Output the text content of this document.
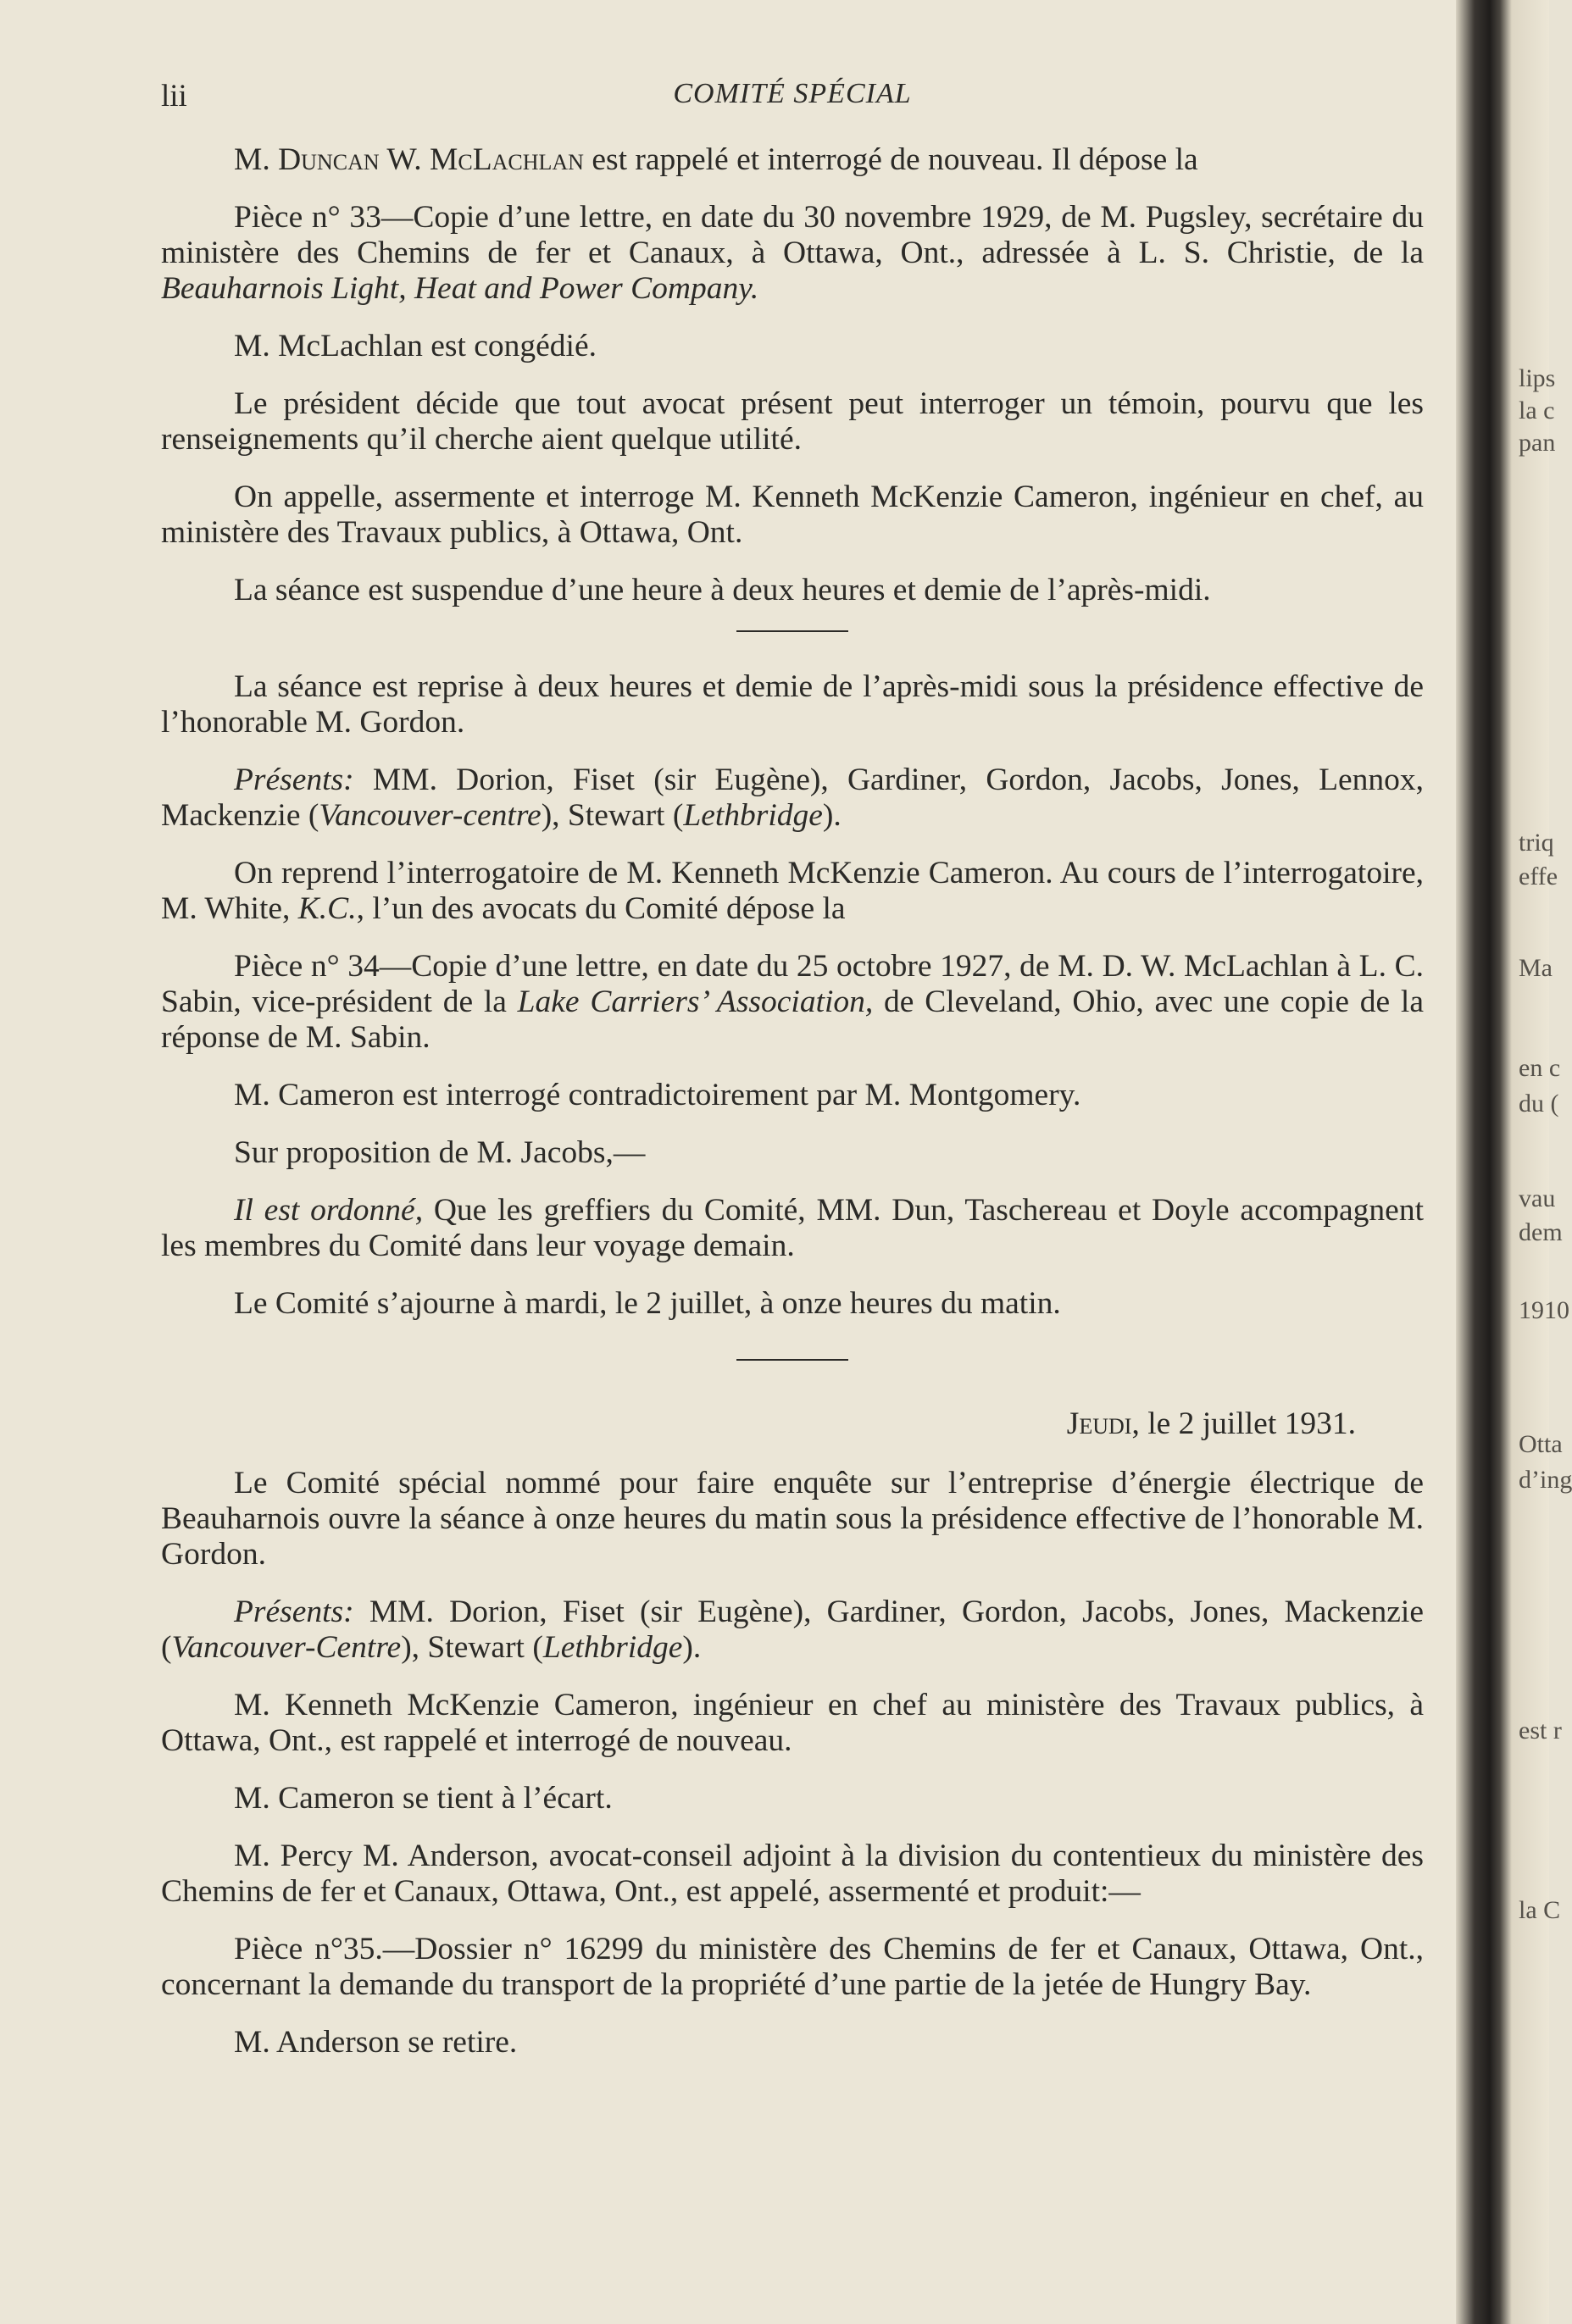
lii	COMITÉ SPÉCIAL

M. Duncan W. McLachlan est rappelé et interrogé de nouveau. Il dépose la

Pièce n° 33—Copie d’une lettre, en date du 30 novembre 1929, de M. Pugsley, secrétaire du ministère des Chemins de fer et Canaux, à Ottawa, Ont., adressée à L. S. Christie, de la Beauharnois Light, Heat and Power Company.

M. McLachlan est congédié.

Le président décide que tout avocat présent peut interroger un témoin, pourvu que les renseignements qu’il cherche aient quelque utilité.

On appelle, assermente et interroge M. Kenneth McKenzie Cameron, ingénieur en chef, au ministère des Travaux publics, à Ottawa, Ont.

La séance est suspendue d’une heure à deux heures et demie de l’après-midi.

La séance est reprise à deux heures et demie de l’après-midi sous la présidence effective de l’honorable M. Gordon.

Présents: MM. Dorion, Fiset (sir Eugène), Gardiner, Gordon, Jacobs, Jones, Lennox, Mackenzie (Vancouver-centre), Stewart (Lethbridge).

On reprend l’interrogatoire de M. Kenneth McKenzie Cameron. Au cours de l’interrogatoire, M. White, K.C., l’un des avocats du Comité dépose la

Pièce n° 34—Copie d’une lettre, en date du 25 octobre 1927, de M. D. W. McLachlan à L. C. Sabin, vice-président de la Lake Carriers’ Association, de Cleveland, Ohio, avec une copie de la réponse de M. Sabin.

M. Cameron est interrogé contradictoirement par M. Montgomery.

Sur proposition de M. Jacobs,—

Il est ordonné, Que les greffiers du Comité, MM. Dun, Taschereau et Doyle accompagnent les membres du Comité dans leur voyage demain.

Le Comité s’ajourne à mardi, le 2 juillet, à onze heures du matin.

Jeudi, le 2 juillet 1931.

Le Comité spécial nommé pour faire enquête sur l’entreprise d’énergie électrique de Beauharnois ouvre la séance à onze heures du matin sous la présidence effective de l’honorable M. Gordon.

Présents: MM. Dorion, Fiset (sir Eugène), Gardiner, Gordon, Jacobs, Jones, Mackenzie (Vancouver-Centre), Stewart (Lethbridge).

M. Kenneth McKenzie Cameron, ingénieur en chef au ministère des Travaux publics, à Ottawa, Ont., est rappelé et interrogé de nouveau.

M. Cameron se tient à l’écart.

M. Percy M. Anderson, avocat-conseil adjoint à la division du contentieux du ministère des Chemins de fer et Canaux, Ottawa, Ont., est appelé, assermenté et produit:—

Pièce n°35.—Dossier n° 16299 du ministère des Chemins de fer et Canaux, Ottawa, Ont., concernant la demande du transport de la propriété d’une partie de la jetée de Hungry Bay.

M. Anderson se retire.

lips
la c
pan
triq
effe
Ma
en c
du (
vau
dem
1910
Otta
d’ing
est r
la C
